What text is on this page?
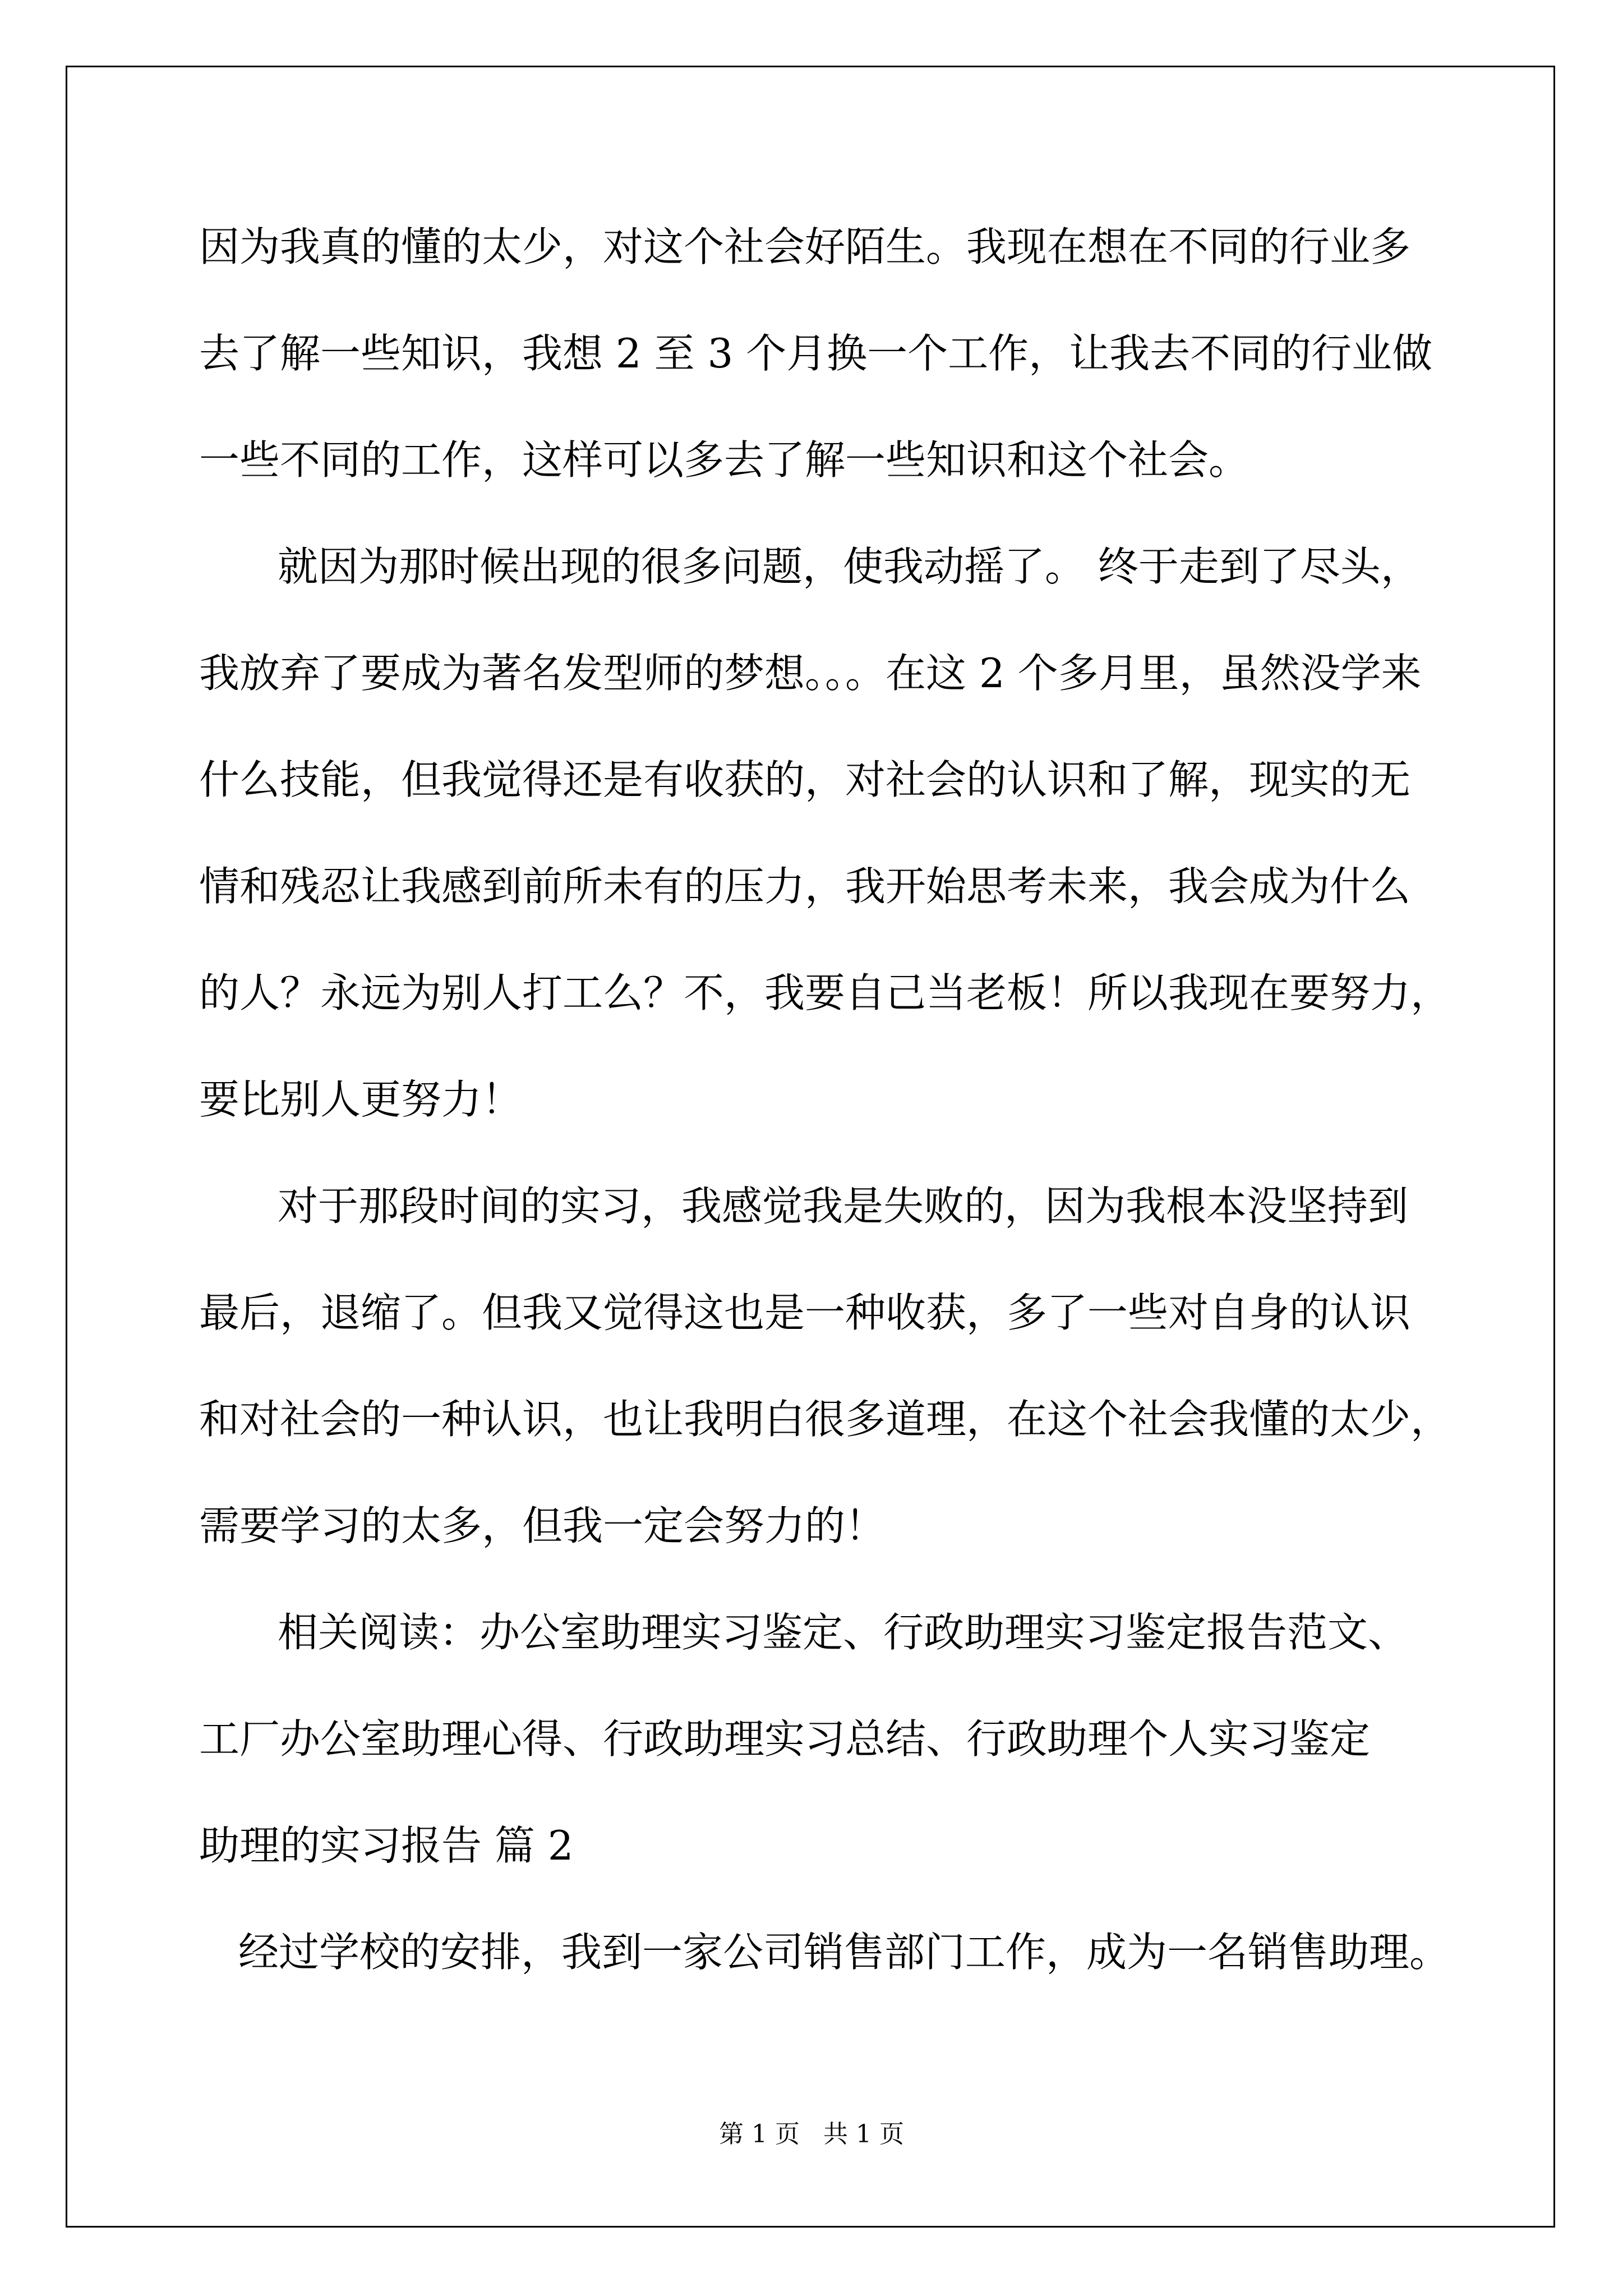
因为我真的懂的太少，对这个社会好陌生。我现在想在不同的行业多

去了解一些知识，我想 2 至 3 个月换一个工作，让我去不同的行业做

一些不同的工作，这样可以多去了解一些知识和这个社会。

就因为那时候出现的很多问题，使我动摇了。 终于走到了尽头，

我放弃了要成为著名发型师的梦想。。。在这 2 个多月里，虽然没学来

什么技能，但我觉得还是有收获的，对社会的认识和了解，现实的无

情和残忍让我感到前所未有的压力，我开始思考未来，我会成为什么

的人？永远为别人打工么？不，我要自己当老板！所以我现在要努力，

要比别人更努力！

对于那段时间的实习，我感觉我是失败的，因为我根本没坚持到

最后，退缩了。但我又觉得这也是一种收获，多了一些对自身的认识

和对社会的一种认识，也让我明白很多道理，在这个社会我懂的太少，

需要学习的太多，但我一定会努力的！

相关阅读：办公室助理实习鉴定、行政助理实习鉴定报告范文、

工厂办公室助理心得、行政助理实习总结、行政助理个人实习鉴定

助理的实习报告 篇 2

经过学校的安排，我到一家公司销售部门工作，成为一名销售助理。

第 1 页   共 1 页
